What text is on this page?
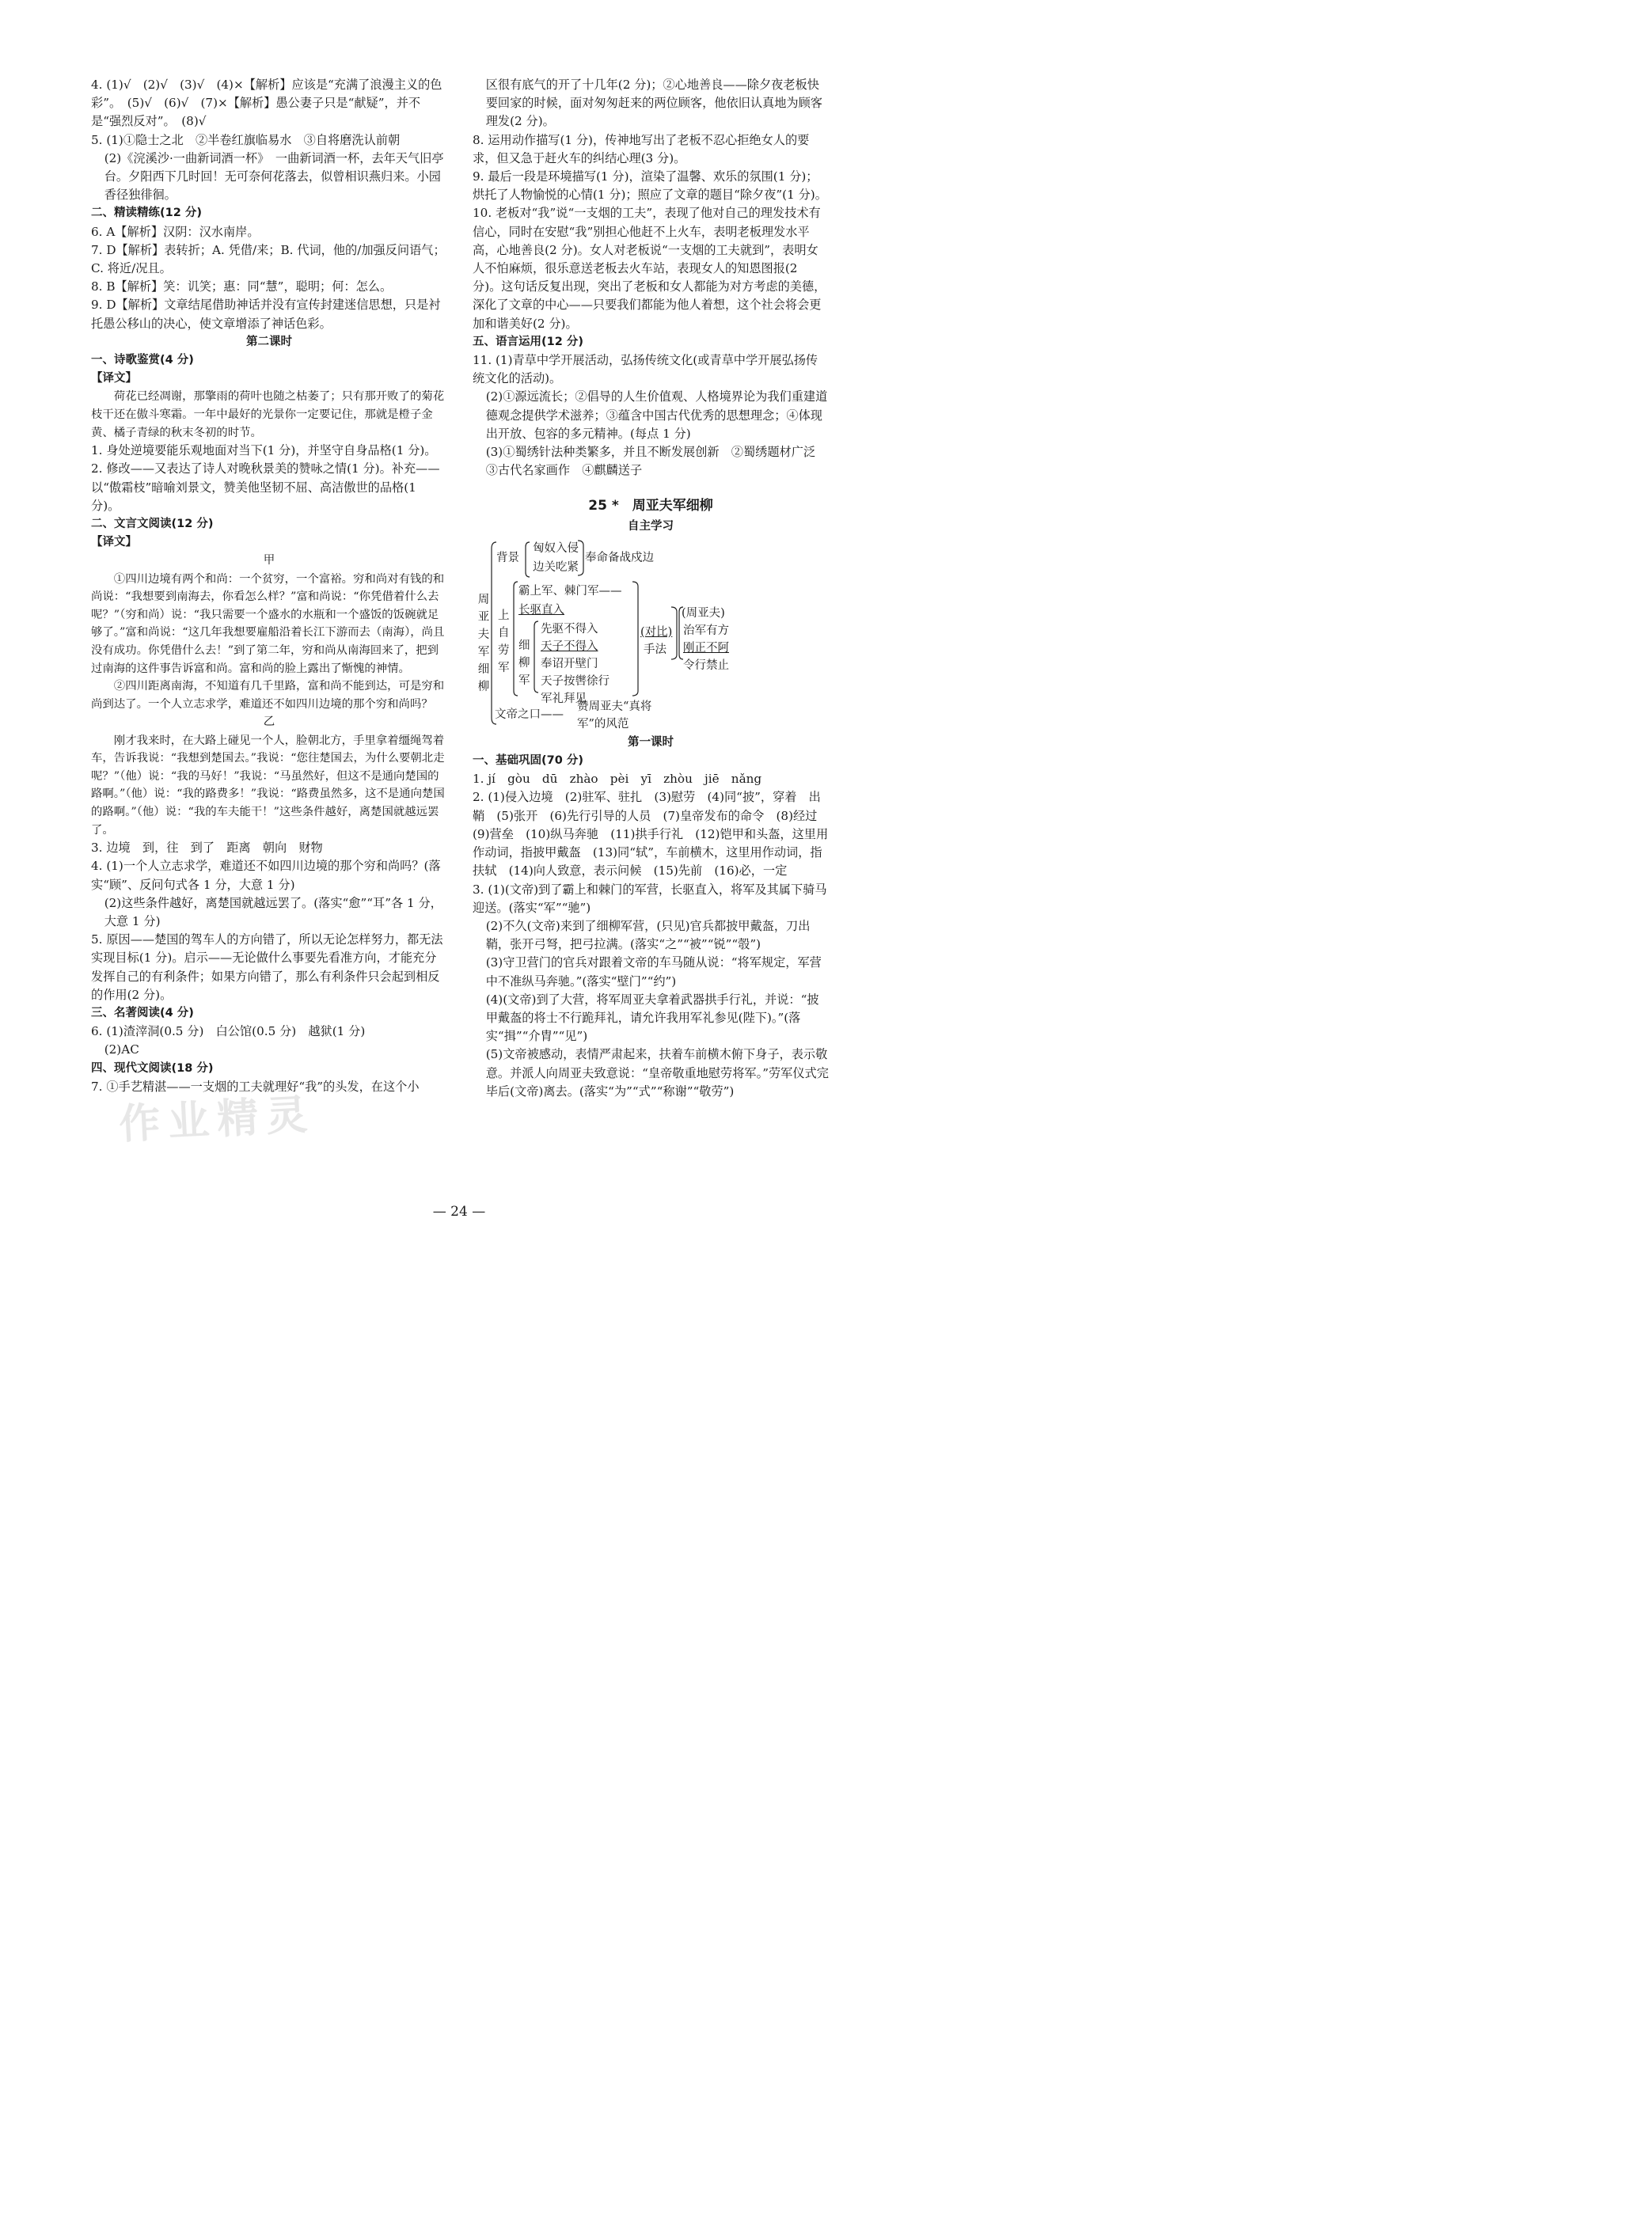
4. (1)√　(2)√　(3)√　(4)×【解析】应该是“充满了浪漫主义的色彩”。　(5)√　(6)√　(7)×【解析】愚公妻子只是“献疑”，并不是“强烈反对”。　(8)√

5. (1)①隐士之北　②半卷红旗临易水　③自将磨洗认前朝

(2)《浣溪沙·一曲新词酒一杯》　一曲新词酒一杯，去年天气旧亭台。夕阳西下几时回！无可奈何花落去，似曾相识燕归来。小园香径独徘徊。

二、精读精练(12 分)

6. A【解析】汉阴：汉水南岸。

7. D【解析】表转折；A. 凭借/来；B. 代词，他的/加强反问语气；C. 将近/况且。

8. B【解析】笑：讥笑；惠：同“慧”，聪明；何：怎么。

9. D【解析】文章结尾借助神话并没有宣传封建迷信思想，只是衬托愚公移山的决心，使文章增添了神话色彩。

第二课时

一、诗歌鉴赏(4 分)

【译文】

荷花已经凋谢，那擎雨的荷叶也随之枯萎了；只有那开败了的菊花枝干还在傲斗寒霜。一年中最好的光景你一定要记住，那就是橙子金黄、橘子青绿的秋末冬初的时节。

1. 身处逆境要能乐观地面对当下(1 分)，并坚守自身品格(1 分)。

2. 修改——又表达了诗人对晚秋景美的赞咏之情(1 分)。补充——以“傲霜枝”暗喻刘景文，赞美他坚韧不屈、高洁傲世的品格(1 分)。

二、文言文阅读(12 分)

【译文】

甲

①四川边境有两个和尚：一个贫穷，一个富裕。穷和尚对有钱的和尚说：“我想要到南海去，你看怎么样？”富和尚说：“你凭借着什么去呢？”（穷和尚）说：“我只需要一个盛水的水瓶和一个盛饭的饭碗就足够了。”富和尚说：“这几年我想要雇船沿着长江下游而去（南海），尚且没有成功。你凭借什么去！”到了第二年，穷和尚从南海回来了，把到过南海的这件事告诉富和尚。富和尚的脸上露出了惭愧的神情。

②四川距离南海，不知道有几千里路，富和尚不能到达，可是穷和尚到达了。一个人立志求学，难道还不如四川边境的那个穷和尚吗？

乙

刚才我来时，在大路上碰见一个人，脸朝北方，手里拿着缰绳驾着车，告诉我说：“我想到楚国去。”我说：“您往楚国去，为什么要朝北走呢？”（他）说：“我的马好！”我说：“马虽然好，但这不是通向楚国的路啊。”（他）说：“我的路费多！”我说：“路费虽然多，这不是通向楚国的路啊。”（他）说：“我的车夫能干！”这些条件越好，离楚国就越远罢了。

3. 边境　到，往　到了　距离　朝向　财物

4. (1)一个人立志求学，难道还不如四川边境的那个穷和尚吗？(落实“顾”、反问句式各 1 分，大意 1 分)

(2)这些条件越好，离楚国就越远罢了。(落实“愈”“耳”各 1 分，大意 1 分)

5. 原因——楚国的驾车人的方向错了，所以无论怎样努力，都无法实现目标(1 分)。启示——无论做什么事要先看准方向，才能充分发挥自己的有利条件；如果方向错了，那么有利条件只会起到相反的作用(2 分)。

三、名著阅读(4 分)

6. (1)渣滓洞(0.5 分)　白公馆(0.5 分)　越狱(1 分)

(2)AC

四、现代文阅读(18 分)

7. ①手艺精湛——一支烟的工夫就理好“我”的头发，在这个小

区很有底气的开了十几年(2 分)；②心地善良——除夕夜老板快要回家的时候，面对匆匆赶来的两位顾客，他依旧认真地为顾客理发(2 分)。

8. 运用动作描写(1 分)，传神地写出了老板不忍心拒绝女人的要求，但又急于赶火车的纠结心理(3 分)。

9. 最后一段是环境描写(1 分)，渲染了温馨、欢乐的氛围(1 分)；烘托了人物愉悦的心情(1 分)；照应了文章的题目“除夕夜”(1 分)。

10. 老板对“我”说“一支烟的工夫”，表现了他对自己的理发技术有信心，同时在安慰“我”别担心他赶不上火车，表明老板理发水平高，心地善良(2 分)。女人对老板说“一支烟的工夫就到”，表明女人不怕麻烦，很乐意送老板去火车站，表现女人的知恩图报(2 分)。这句话反复出现，突出了老板和女人都能为对方考虑的美德，深化了文章的中心——只要我们都能为他人着想，这个社会将会更加和谐美好(2 分)。

五、语言运用(12 分)

11. (1)青草中学开展活动，弘扬传统文化(或青草中学开展弘扬传统文化的活动)。

(2)①源远流长；②倡导的人生价值观、人格境界论为我们重建道德观念提供学术滋养；③蕴含中国古代优秀的思想理念；④体现出开放、包容的多元精神。(每点 1 分)

(3)①蜀绣针法种类繁多，并且不断发展创新　②蜀绣题材广泛　③古代名家画作　④麒麟送子

25 *　周亚夫军细柳

自主学习

周亚夫军细柳
背景
匈奴入侵
边关吃紧
奉命备战戍边
上自劳军
霸上军、棘门军——
长驱直入
细柳军
先驱不得入
天子不得入
奉诏开壁门
天子按辔徐行
军礼拜见
(对比)
手法
(周亚夫)
治军有方
刚正不阿
令行禁止
文帝之口——
赞周亚夫“真将
军”的风范

第一课时

一、基础巩固(70 分)

1. jí　gòu　dū　zhào　pèi　yī　zhòu　jiē　nǎng

2. (1)侵入边境　(2)驻军、驻扎　(3)慰劳　(4)同“披”，穿着　出鞘　(5)张开　(6)先行引导的人员　(7)皇帝发布的命令　(8)经过　(9)营垒　(10)纵马奔驰　(11)拱手行礼　(12)铠甲和头盔，这里用作动词，指披甲戴盔　(13)同“轼”，车前横木，这里用作动词，指扶轼　(14)向人致意，表示问候　(15)先前　(16)必，一定

3. (1)(文帝)到了霸上和棘门的军营，长驱直入，将军及其属下骑马迎送。(落实“军”“驰”)

(2)不久(文帝)来到了细柳军营，(只见)官兵都披甲戴盔，刀出鞘，张开弓弩，把弓拉满。(落实“之”“被”“锐”“彀”)

(3)守卫营门的官兵对跟着文帝的车马随从说：“将军规定，军营中不准纵马奔驰。”(落实“壁门”“约”)

(4)(文帝)到了大营，将军周亚夫拿着武器拱手行礼，并说：“披甲戴盔的将士不行跪拜礼，请允许我用军礼参见(陛下)。”(落实“揖”“介胄”“见”)

(5)文帝被感动，表情严肃起来，扶着车前横木俯下身子，表示敬意。并派人向周亚夫致意说：“皇帝敬重地慰劳将军。”劳军仪式完毕后(文帝)离去。(落实“为”“式”“称谢”“敬劳”)

作业精灵
— 24 —
